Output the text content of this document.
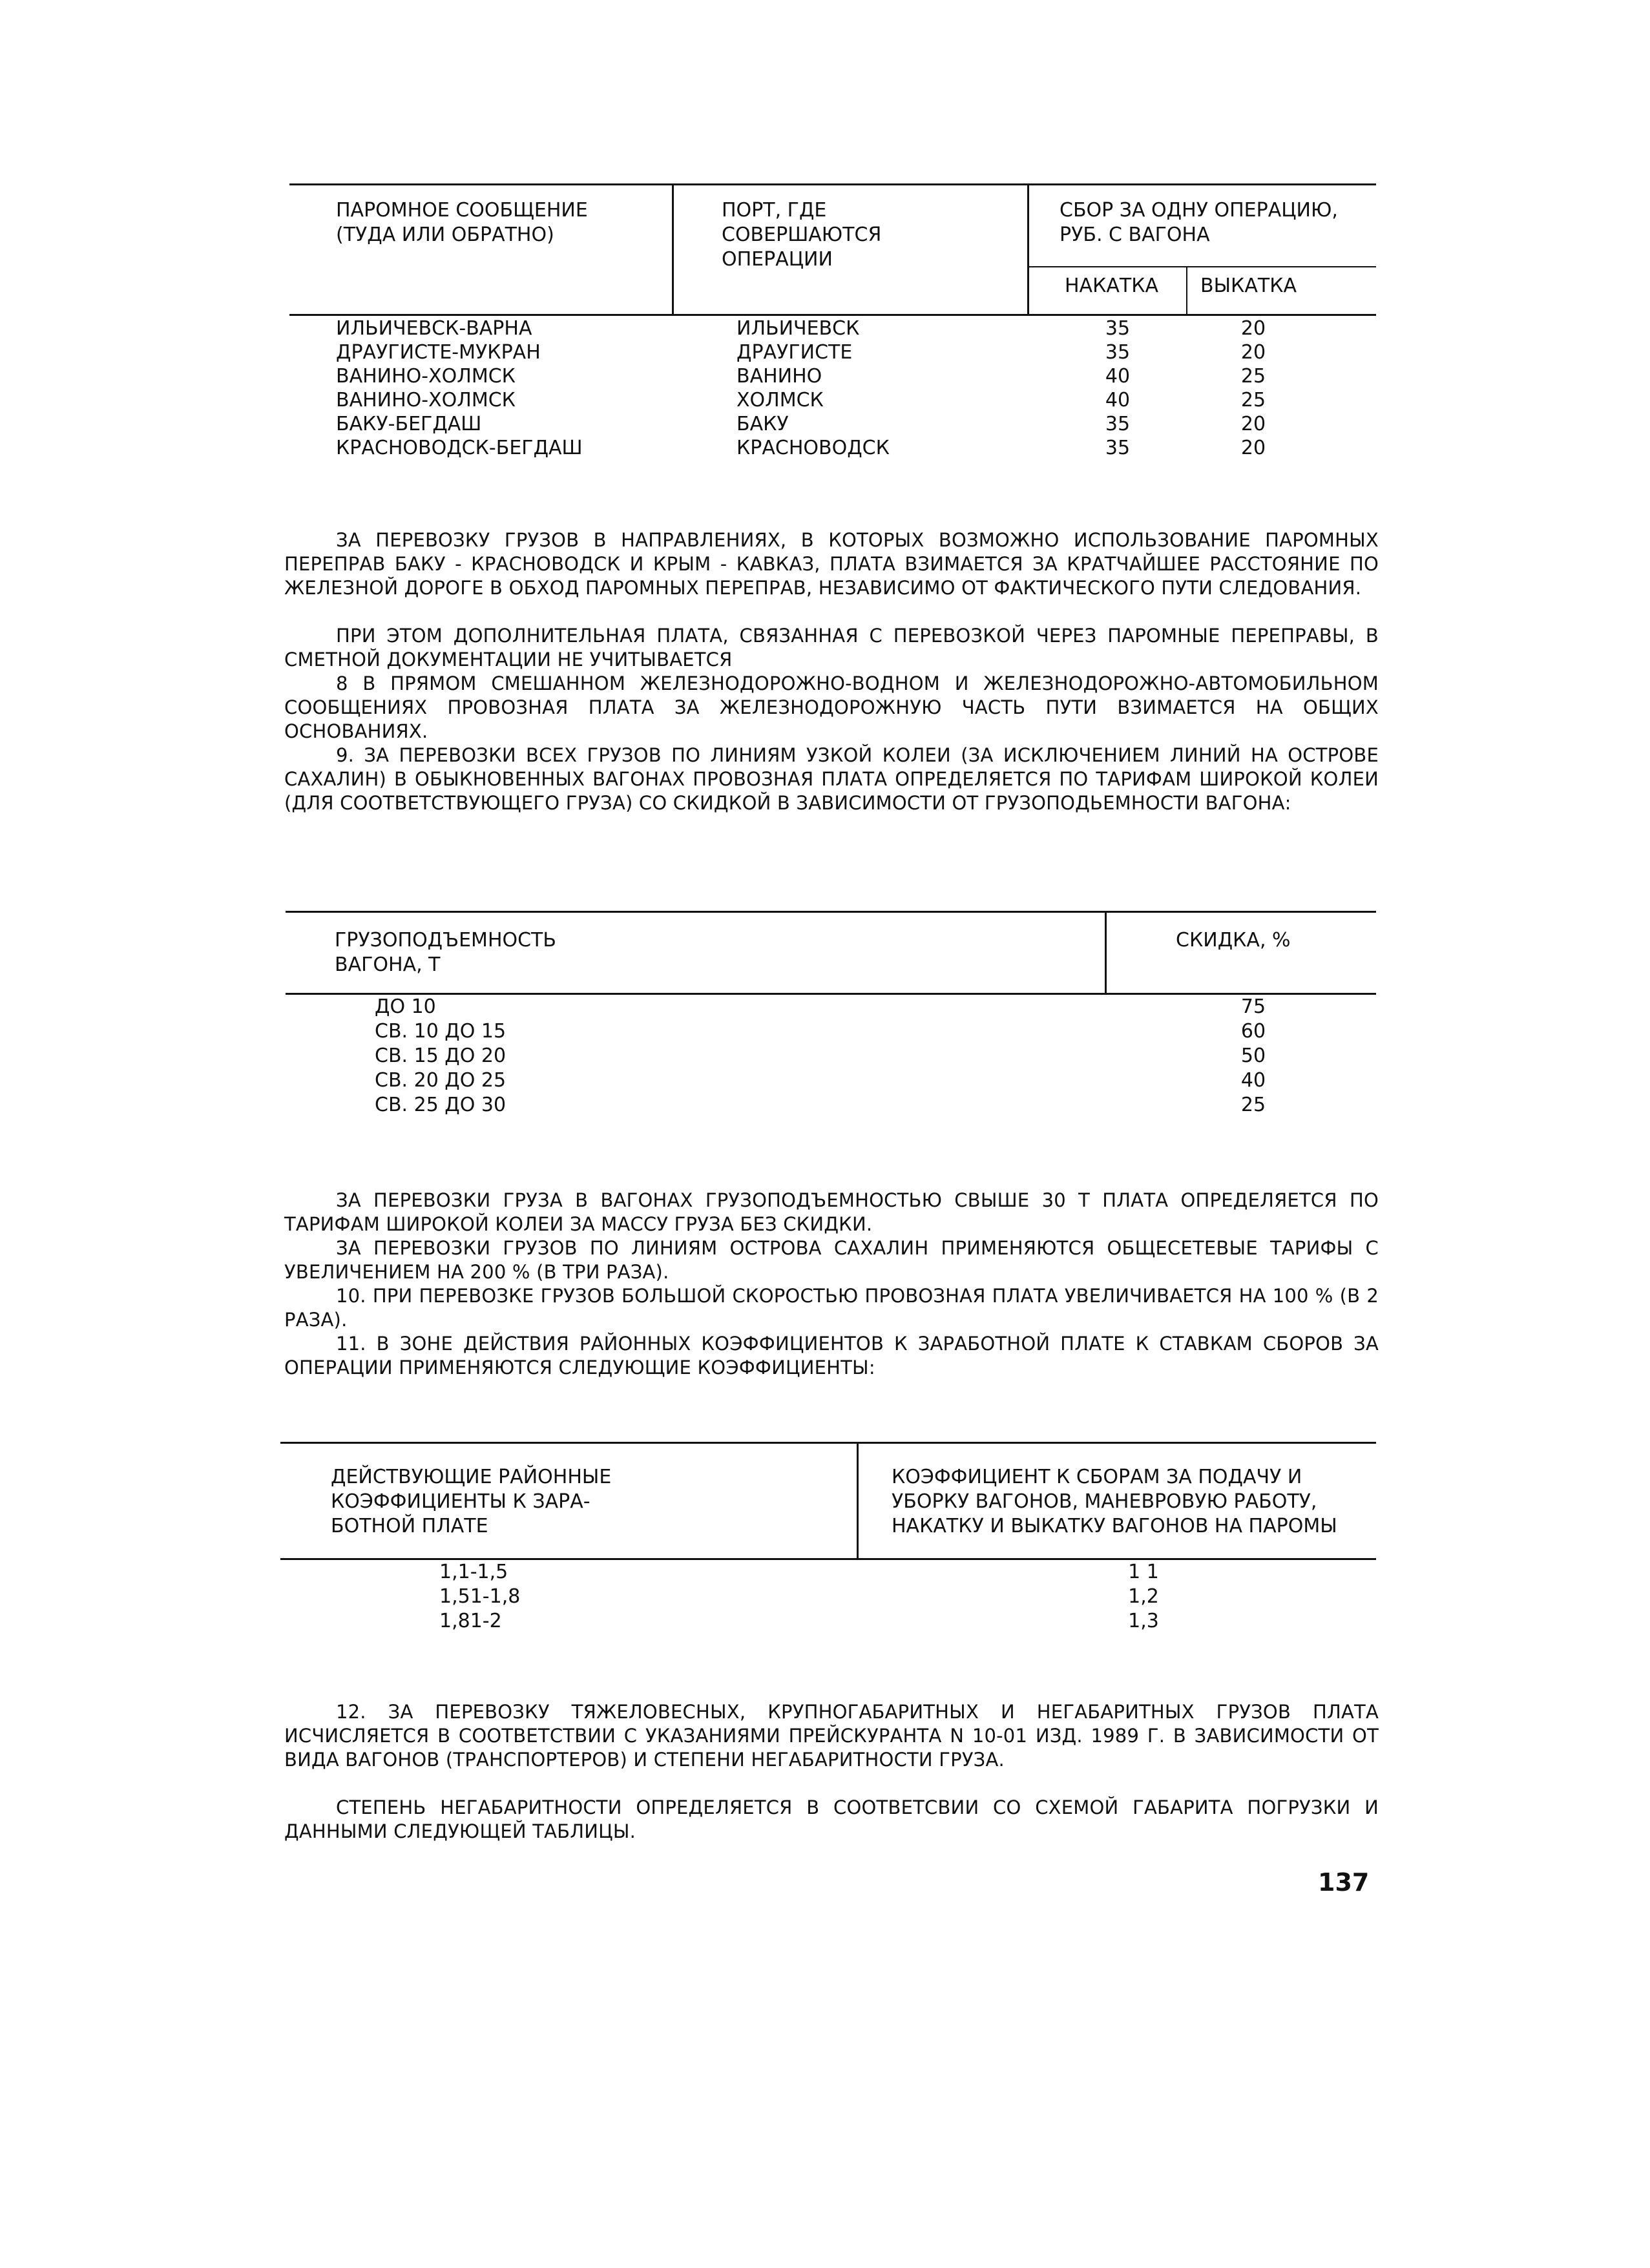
ПАРОМНОЕ СООБЩЕНИЕ
(ТУДА ИЛИ ОБРАТНО)
ПОРТ, ГДЕ
СОВЕРШАЮТСЯ
ОПЕРАЦИИ
СБОР ЗА ОДНУ ОПЕРАЦИЮ,
РУБ. С ВАГОНА
НАКАТКА ВЫКАТКА
ИЛЬИЧЕВСК-ВАРНА	ИЛЬИЧЕВСК	35	20
ДРАУГИСТЕ-МУКРАН	ДРАУГИСТЕ	35	20
ВАНИНО-ХОЛМСК	ВАНИНО	40	25
ВАНИНО-ХОЛМСК	ХОЛМСК	40	25
БАКУ-БЕГДАШ	БАКУ	35	20
КРАСНОВОДСК-БЕГДАШ	КРАСНОВОДСК	35	20
ЗА ПЕРЕВОЗКУ ГРУЗОВ В НАПРАВЛЕНИЯХ, В КОТОРЫХ ВОЗМОЖНО ИСПОЛЬЗОВАНИЕ ПАРОМНЫХ ПЕРЕПРАВ БАКУ - КРАСНОВОДСК И КРЫМ - КАВКАЗ, ПЛАТА ВЗИМАЕТСЯ ЗА КРАТЧАЙШЕЕ РАССТОЯНИЕ ПО ЖЕЛЕЗНОЙ ДОРОГЕ В ОБХОД ПАРОМНЫХ ПЕРЕПРАВ, НЕЗАВИСИМО ОТ ФАКТИЧЕСКОГО ПУТИ СЛЕДОВАНИЯ.
ПРИ ЭТОМ ДОПОЛНИТЕЛЬНАЯ ПЛАТА, СВЯЗАННАЯ С ПЕРЕВОЗКОЙ ЧЕРЕЗ ПАРОМНЫЕ ПЕРЕПРАВЫ, В СМЕТНОЙ ДОКУМЕНТАЦИИ НЕ УЧИТЫВАЕТСЯ
8 В ПРЯМОМ СМЕШАННОМ ЖЕЛЕЗНОДОРОЖНО-ВОДНОМ И ЖЕЛЕЗНОДОРОЖНО-АВТОМОБИЛЬНОМ СООБЩЕНИЯХ ПРОВОЗНАЯ ПЛАТА ЗА ЖЕЛЕЗНОДОРОЖНУЮ ЧАСТЬ ПУТИ ВЗИМАЕТСЯ НА ОБЩИХ ОСНОВАНИЯХ.
9. ЗА ПЕРЕВОЗКИ ВСЕХ ГРУЗОВ ПО ЛИНИЯМ УЗКОЙ КОЛЕИ (ЗА ИСКЛЮЧЕНИЕМ ЛИНИЙ НА ОСТРОВЕ САХАЛИН) В ОБЫКНОВЕННЫХ ВАГОНАХ ПРОВОЗНАЯ ПЛАТА ОПРЕДЕЛЯЕТСЯ ПО ТАРИФАМ ШИРОКОЙ КОЛЕИ (ДЛЯ СООТВЕТСТВУЮЩЕГО ГРУЗА) СО СКИДКОЙ В ЗАВИСИМОСТИ ОТ ГРУЗОПОДЬЕМНОСТИ ВАГОНА:
ГРУЗОПОДЪЕМНОСТЬ
ВАГОНА, Т
СКИДКА, %
ДО 10	75
СВ. 10 ДО 15	60
СВ. 15 ДО 20	50
СВ. 20 ДО 25	40
СВ. 25 ДО 30	25
ЗА ПЕРЕВОЗКИ ГРУЗА В ВАГОНАХ ГРУЗОПОДЪЕМНОСТЬЮ СВЫШЕ 30 Т ПЛАТА ОПРЕДЕЛЯЕТСЯ ПО ТАРИФАМ ШИРОКОЙ КОЛЕИ ЗА МАССУ ГРУЗА БЕЗ СКИДКИ.
ЗА ПЕРЕВОЗКИ ГРУЗОВ ПО ЛИНИЯМ ОСТРОВА САХАЛИН ПРИМЕНЯЮТСЯ ОБЩЕСЕТЕВЫЕ ТАРИФЫ С УВЕЛИЧЕНИЕМ НА 200 % (В ТРИ РАЗА).
10. ПРИ ПЕРЕВОЗКЕ ГРУЗОВ БОЛЬШОЙ СКОРОСТЬЮ ПРОВОЗНАЯ ПЛАТА УВЕЛИЧИВАЕТСЯ НА 100 % (В 2 РАЗА).
11. В ЗОНЕ ДЕЙСТВИЯ РАЙОННЫХ КОЭФФИЦИЕНТОВ К ЗАРАБОТНОЙ ПЛАТЕ К СТАВКАМ СБОРОВ ЗА ОПЕРАЦИИ ПРИМЕНЯЮТСЯ СЛЕДУЮЩИЕ КОЭФФИЦИЕНТЫ:
ДЕЙСТВУЮЩИЕ РАЙОННЫЕ
КОЭФФИЦИЕНТЫ К ЗАРА-
БОТНОЙ ПЛАТЕ
КОЭФФИЦИЕНТ К СБОРАМ ЗА ПОДАЧУ И
УБОРКУ ВАГОНОВ, МАНЕВРОВУЮ РАБОТУ,
НАКАТКУ И ВЫКАТКУ ВАГОНОВ НА ПАРОМЫ
1,1-1,5	1 1
1,51-1,8	1,2
1,81-2	1,3
12. ЗА ПЕРЕВОЗКУ ТЯЖЕЛОВЕСНЫХ, КРУПНОГАБАРИТНЫХ И НЕГАБАРИТНЫХ ГРУЗОВ ПЛАТА ИСЧИСЛЯЕТСЯ В СООТВЕТСТВИИ С УКАЗАНИЯМИ ПРЕЙСКУРАНТА N 10-01 ИЗД. 1989 Г. В ЗАВИСИМОСТИ ОТ ВИДА ВАГОНОВ (ТРАНСПОРТЕРОВ) И СТЕПЕНИ НЕГАБАРИТНОСТИ ГРУЗА.
СТЕПЕНЬ НЕГАБАРИТНОСТИ ОПРЕДЕЛЯЕТСЯ В СООТВЕТСВИИ СО СХЕМОЙ ГАБАРИТА ПОГРУЗКИ И ДАННЫМИ СЛЕДУЮЩЕЙ ТАБЛИЦЫ.
137
